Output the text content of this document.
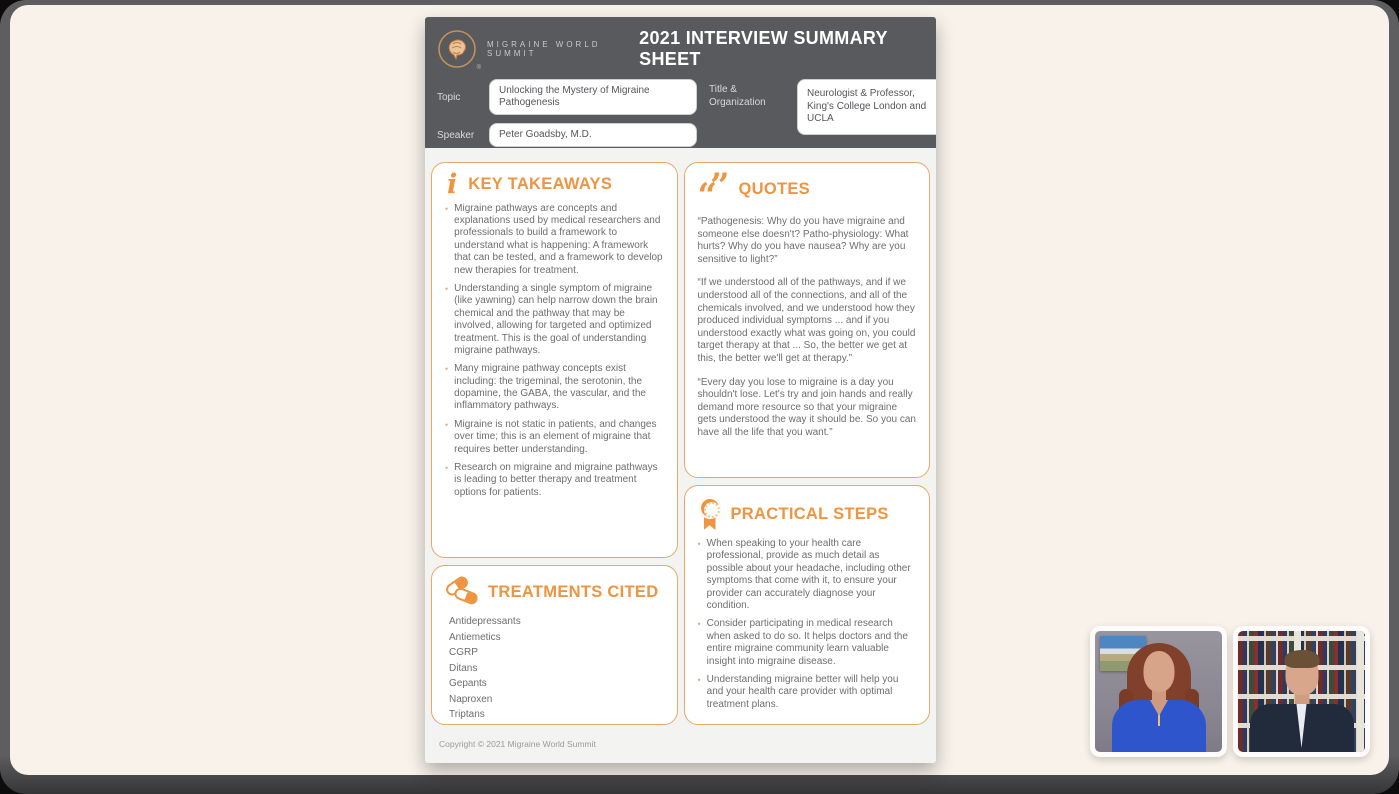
®
MIGRAINE WORLD SUMMIT
2021 INTERVIEW SUMMARY SHEET
Topic
Unlocking the Mystery of Migraine Pathogenesis
Title & Organization
Neurologist & Professor, King's College London and UCLA
Speaker	Peter Goadsby, M.D.
i KEY TAKEAWAYS
• Migraine pathways are concepts and explanations used by medical researchers and professionals to build a framework to understand what is happening: A framework that can be tested, and a framework to develop new therapies for treatment.
• Understanding a single symptom of migraine (like yawning) can help narrow down the brain chemical and the pathway that may be involved, allowing for targeted and optimized treatment. This is the goal of understanding migraine pathways.
• Many migraine pathway concepts exist including: the trigeminal, the serotonin, the dopamine, the GABA, the vascular, and the inflammatory pathways.
• Migraine is not static in patients, and changes over time; this is an element of migraine that requires better understanding.
• Research on migraine and migraine pathways is leading to better therapy and treatment options for patients.
TREATMENTS CITED
Antidepressants
Antiemetics
CGRP
Ditans
Gepants
Naproxen
Triptans
“
” QUOTES

“Pathogenesis: Why do you have migraine and someone else doesn't? Patho-physiology: What hurts? Why do you have nausea? Why are you sensitive to light?”

“If we understood all of the pathways, and if we understood all of the connections, and all of the chemicals involved, and we understood how they produced individual symptoms ... and if you understood exactly what was going on, you could target therapy at that ... So, the better we get at this, the better we'll get at therapy.”

“Every day you lose to migraine is a day you shouldn't lose. Let's try and join hands and really demand more resource so that your migraine gets understood the way it should be. So you can have all the life that you want.”

PRACTICAL STEPS
• When speaking to your health care professional, provide as much detail as possible about your headache, including other symptoms that come with it, to ensure your provider can accurately diagnose your condition.
• Consider participating in medical research when asked to do so. It helps doctors and the entire migraine community learn valuable insight into migraine disease.
• Understanding migraine better will help you and your health care provider with optimal treatment plans.
Copyright © 2021 Migraine World Summit
